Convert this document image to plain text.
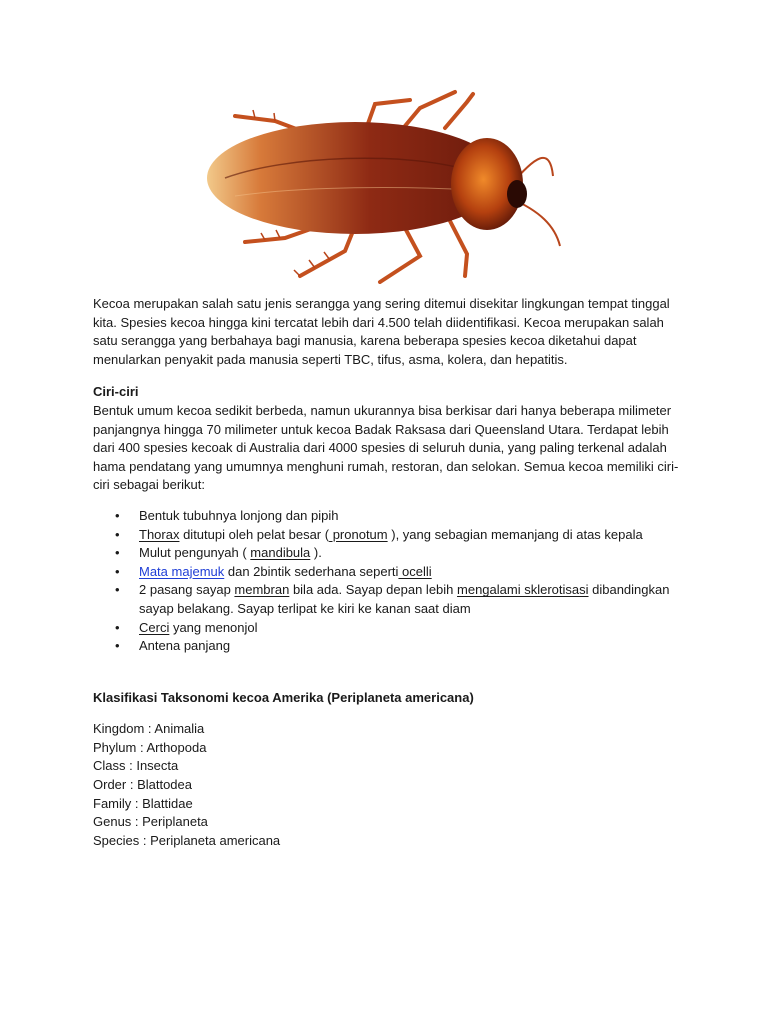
Kecoa merupakan salah satu jenis serangga yang sering ditemui disekitar lingkungan tempat tinggal kita. Spesies kecoa hingga kini tercatat lebih dari 4.500 telah diidentifikasi. Kecoa merupakan salah satu serangga yang berbahaya bagi manusia, karena beberapa spesies kecoa diketahui dapat menularkan penyakit pada manusia seperti TBC, tifus, asma, kolera, dan hepatitis.

Ciri-ciri

Bentuk umum kecoa sedikit berbeda, namun ukurannya bisa berkisar dari hanya beberapa milimeter panjangnya hingga 70 milimeter untuk kecoa Badak Raksasa dari Queensland Utara. Terdapat lebih dari 400 spesies kecoak di Australia dari 4000 spesies di seluruh dunia, yang paling terkenal adalah hama pendatang yang umumnya menghuni rumah, restoran, dan selokan. Semua kecoa memiliki ciri-ciri sebagai berikut:

• Bentuk tubuhnya lonjong dan pipih
• Thorax ditutupi oleh pelat besar ( pronotum ), yang sebagian memanjang di atas kepala
• Mulut pengunyah ( mandibula ).
• Mata majemuk dan 2bintik sederhana seperti ocelli
• 2 pasang sayap membran bila ada. Sayap depan lebih mengalami sklerotisasi dibandingkan sayap belakang. Sayap terlipat ke kiri ke kanan saat diam
• Cerci yang menonjol
• Antena panjang

Klasifikasi Taksonomi kecoa Amerika (Periplaneta americana)

Kingdom : Animalia
Phylum : Arthopoda
Class : Insecta
Order : Blattodea
Family : Blattidae
Genus : Periplaneta
Species : Periplaneta americana
